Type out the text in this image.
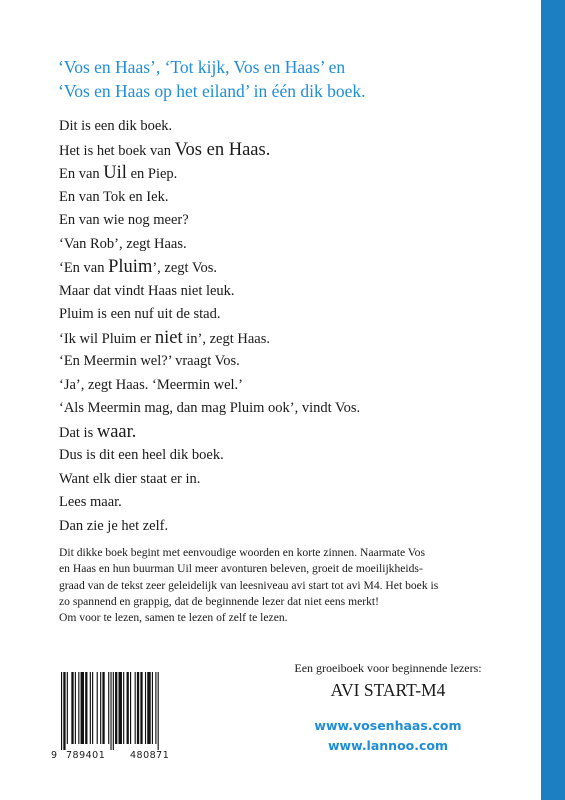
‘Vos en Haas’, ‘Tot kijk, Vos en Haas’ en
‘Vos en Haas op het eiland’ in één dik boek.
Dit is een dik boek.
Het is het boek van Vos en Haas.
En van Uil en Piep.
En van Tok en Iek.
En van wie nog meer?
‘Van Rob’, zegt Haas.
‘En van Pluim’, zegt Vos.
Maar dat vindt Haas niet leuk.
Pluim is een nuf uit de stad.
‘Ik wil Pluim er niet in’, zegt Haas.
‘En Meermin wel?’ vraagt Vos.
‘Ja’, zegt Haas. ‘Meermin wel.’
‘Als Meermin mag, dan mag Pluim ook’, vindt Vos.
Dat is waar.
Dus is dit een heel dik boek.
Want elk dier staat er in.
Lees maar.
Dan zie je het zelf.
Dit dikke boek begint met eenvoudige woorden en korte zinnen. Naarmate Vos
en Haas en hun buurman Uil meer avonturen beleven, groeit de moeilijkheids-
graad van de tekst zeer geleidelijk van leesniveau avi start tot avi M4. Het boek is
zo spannend en grappig, dat de beginnende lezer dat niet eens merkt!
Om voor te lezen, samen te lezen of zelf te lezen.
Een groeiboek voor beginnende lezers:
AVI START-M4
9 789401	480871
www.vosenhaas.com
www.lannoo.com
